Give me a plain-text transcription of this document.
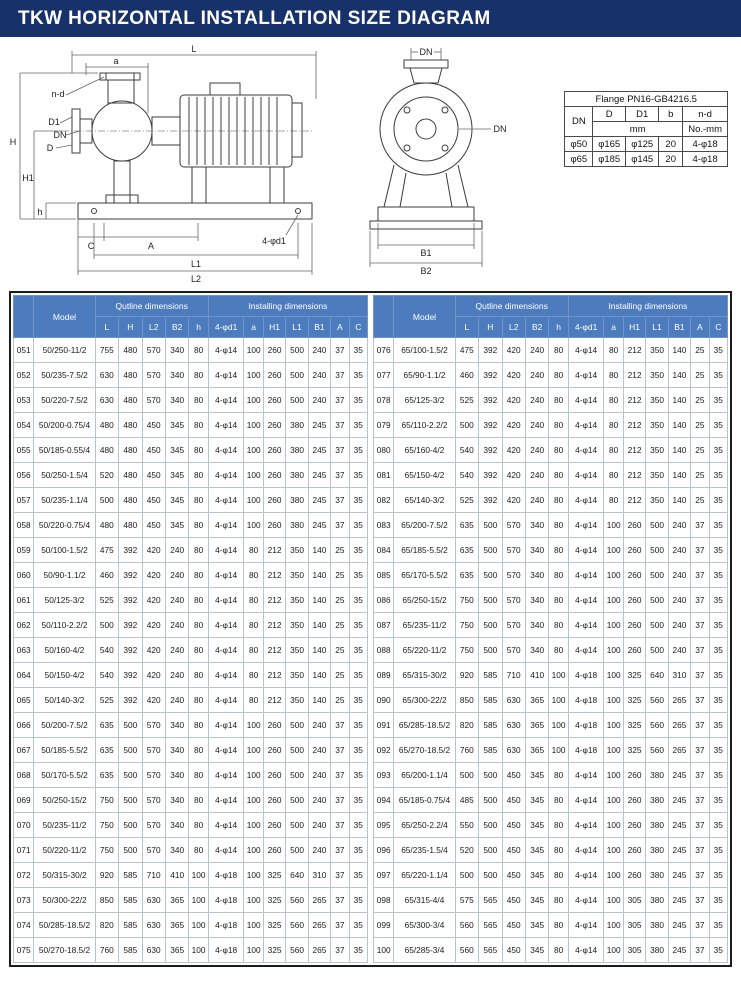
TKW HORIZONTAL INSTALLATION SIZE DIAGRAM
L
a
H
H1
h
n-d
D1
DN
D
C	A
L1
L2
4-φd1
DN
DN
B1
B2
Flange PN16-GB4216.5				
DN	D	D1	b	n-d
	mm			No.-mm
φ50	φ165	φ125	20	4-φ18
φ65	φ185	φ145	20	4-φ18
	Model	Qutline dimensions					Installing dimensions						
		L	H	L2	B2	h	4-φd1	a	H1	L1	B1	A	C
051	50/250-11/2	755	480	570	340	80	4-φ14	100	260	500	240	37	35
052	50/235-7.5/2	630	480	570	340	80	4-φ14	100	260	500	240	37	35
053	50/220-7.5/2	630	480	570	340	80	4-φ14	100	260	500	240	37	35
054	50/200-0.75/4	480	480	450	345	80	4-φ14	100	260	380	245	37	35
055	50/185-0.55/4	480	480	450	345	80	4-φ14	100	260	380	245	37	35
056	50/250-1.5/4	520	480	450	345	80	4-φ14	100	260	380	245	37	35
057	50/235-1.1/4	500	480	450	345	80	4-φ14	100	260	380	245	37	35
058	50/220-0.75/4	480	480	450	345	80	4-φ14	100	260	380	245	37	35
059	50/100-1.5/2	475	392	420	240	80	4-φ14	80	212	350	140	25	35
060	50/90-1.1/2	460	392	420	240	80	4-φ14	80	212	350	140	25	35
061	50/125-3/2	525	392	420	240	80	4-φ14	80	212	350	140	25	35
062	50/110-2.2/2	500	392	420	240	80	4-φ14	80	212	350	140	25	35
063	50/160-4/2	540	392	420	240	80	4-φ14	80	212	350	140	25	35
064	50/150-4/2	540	392	420	240	80	4-φ14	80	212	350	140	25	35
065	50/140-3/2	525	392	420	240	80	4-φ14	80	212	350	140	25	35
066	50/200-7.5/2	635	500	570	340	80	4-φ14	100	260	500	240	37	35
067	50/185-5.5/2	635	500	570	340	80	4-φ14	100	260	500	240	37	35
068	50/170-5.5/2	635	500	570	340	80	4-φ14	100	260	500	240	37	35
069	50/250-15/2	750	500	570	340	80	4-φ14	100	260	500	240	37	35
070	50/235-11/2	750	500	570	340	80	4-φ14	100	260	500	240	37	35
071	50/220-11/2	750	500	570	340	80	4-φ14	100	260	500	240	37	35
072	50/315-30/2	920	585	710	410	100	4-φ18	100	325	640	310	37	35
073	50/300-22/2	850	585	630	365	100	4-φ18	100	325	560	265	37	35
074	50/285-18.5/2	820	585	630	365	100	4-φ18	100	325	560	265	37	35
075	50/270-18.5/2	760	585	630	365	100	4-φ18	100	325	560	265	37	35
	Model	Qutline dimensions					Installing dimensions						
		L	H	L2	B2	h	4-φd1	a	H1	L1	B1	A	C
076	65/100-1.5/2	475	392	420	240	80	4-φ14	80	212	350	140	25	35
077	65/90-1.1/2	460	392	420	240	80	4-φ14	80	212	350	140	25	35
078	65/125-3/2	525	392	420	240	80	4-φ14	80	212	350	140	25	35
079	65/110-2.2/2	500	392	420	240	80	4-φ14	80	212	350	140	25	35
080	65/160-4/2	540	392	420	240	80	4-φ14	80	212	350	140	25	35
081	65/150-4/2	540	392	420	240	80	4-φ14	80	212	350	140	25	35
082	65/140-3/2	525	392	420	240	80	4-φ14	80	212	350	140	25	35
083	65/200-7.5/2	635	500	570	340	80	4-φ14	100	260	500	240	37	35
084	65/185-5.5/2	635	500	570	340	80	4-φ14	100	260	500	240	37	35
085	65/170-5.5/2	635	500	570	340	80	4-φ14	100	260	500	240	37	35
086	65/250-15/2	750	500	570	340	80	4-φ14	100	260	500	240	37	35
087	65/235-11/2	750	500	570	340	80	4-φ14	100	260	500	240	37	35
088	65/220-11/2	750	500	570	340	80	4-φ14	100	260	500	240	37	35
089	65/315-30/2	920	585	710	410	100	4-φ18	100	325	640	310	37	35
090	65/300-22/2	850	585	630	365	100	4-φ18	100	325	560	265	37	35
091	65/285-18.5/2	820	585	630	365	100	4-φ18	100	325	560	265	37	35
092	65/270-18.5/2	760	585	630	365	100	4-φ18	100	325	560	265	37	35
093	65/200-1.1/4	500	500	450	345	80	4-φ14	100	260	380	245	37	35
094	65/185-0.75/4	485	500	450	345	80	4-φ14	100	260	380	245	37	35
095	65/250-2.2/4	550	500	450	345	80	4-φ14	100	260	380	245	37	35
096	65/235-1.5/4	520	500	450	345	80	4-φ14	100	260	380	245	37	35
097	65/220-1.1/4	500	500	450	345	80	4-φ14	100	260	380	245	37	35
098	65/315-4/4	575	565	450	345	80	4-φ14	100	305	380	245	37	35
099	65/300-3/4	560	565	450	345	80	4-φ14	100	305	380	245	37	35
100	65/285-3/4	560	565	450	345	80	4-φ14	100	305	380	245	37	35
